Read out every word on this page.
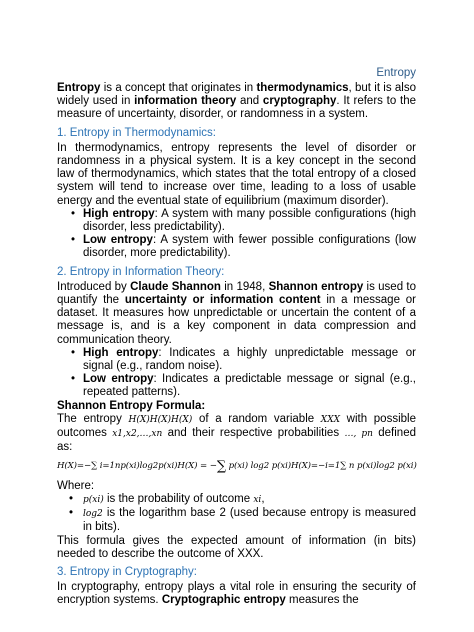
Entropy

Entropy is a concept that originates in thermodynamics, but it is also widely used in information theory and cryptography. It refers to the measure of uncertainty, disorder, or randomness in a system.

1. Entropy in Thermodynamics:

In thermodynamics, entropy represents the level of disorder or randomness in a physical system. It is a key concept in the second law of thermodynamics, which states that the total entropy of a closed system will tend to increase over time, leading to a loss of usable energy and the eventual state of equilibrium (maximum disorder).

• High entropy: A system with many possible configurations (high disorder, less predictability).
• Low entropy: A system with fewer possible configurations (low disorder, more predictability).
2. Entropy in Information Theory:

Introduced by Claude Shannon in 1948, Shannon entropy is used to quantify the uncertainty or information content in a message or dataset. It measures how unpredictable or uncertain the content of a message is, and is a key component in data compression and communication theory.

• High entropy: Indicates a highly unpredictable message or signal (e.g., random noise).
• Low entropy: Indicates a predictable message or signal (e.g., repeated patterns).

Shannon Entropy Formula:

The entropy H(X)H(X)H(X) of a random variable XXX with possible outcomes x1,x2,…,xn and their respective probabilities …, pn defined as:

H(X)=−∑ i=1np(xi)log2p(xi)H(X) = −∑ p(xi) log2 p(xi)H(X)=−i=1∑ n p(xi)log2 p(xi)

Where:

• p(xi) is the probability of outcome xi,
• log2 is the logarithm base 2 (used because entropy is measured in bits).

This formula gives the expected amount of information (in bits) needed to describe the outcome of XXX.

3. Entropy in Cryptography:

In cryptography, entropy plays a vital role in ensuring the security of encryption systems. Cryptographic entropy measures the
